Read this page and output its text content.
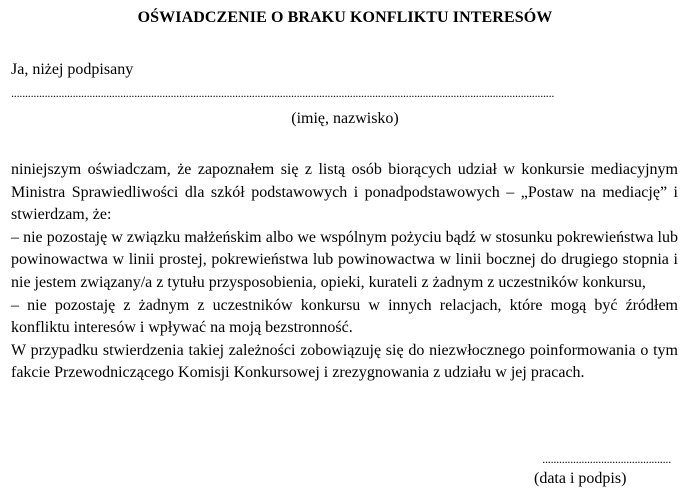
OŚWIADCZENIE O BRAKU KONFLIKTU INTERESÓW
Ja, niżej podpisany
..................................................................................................................................................................................................
(imię, nazwisko)

niniejszym oświadczam, że zapoznałem się z listą osób biorących udział w konkursie mediacyjnym Ministra Sprawiedliwości dla szkół podstawowych i ponadpodstawowych – „Postaw na mediację” i stwierdzam, że:

– nie pozostaję w związku małżeńskim albo we wspólnym pożyciu bądź w stosunku pokrewieństwa lub powinowactwa w linii prostej, pokrewieństwa lub powinowactwa w linii bocznej do drugiego stopnia i nie jestem związany/a z tytułu przysposobienia, opieki, kurateli z żadnym z uczestników konkursu,

– nie pozostaję z żadnym z uczestników konkursu w innych relacjach, które mogą być źródłem konfliktu interesów i wpływać na moją bezstronność.

W przypadku stwierdzenia takiej zależności zobowiązuję się do niezwłocznego poinformowania o tym fakcie Przewodniczącego Komisji Konkursowej i zrezygnowania z udziału w jej pracach.

..............................................
(data i podpis)
